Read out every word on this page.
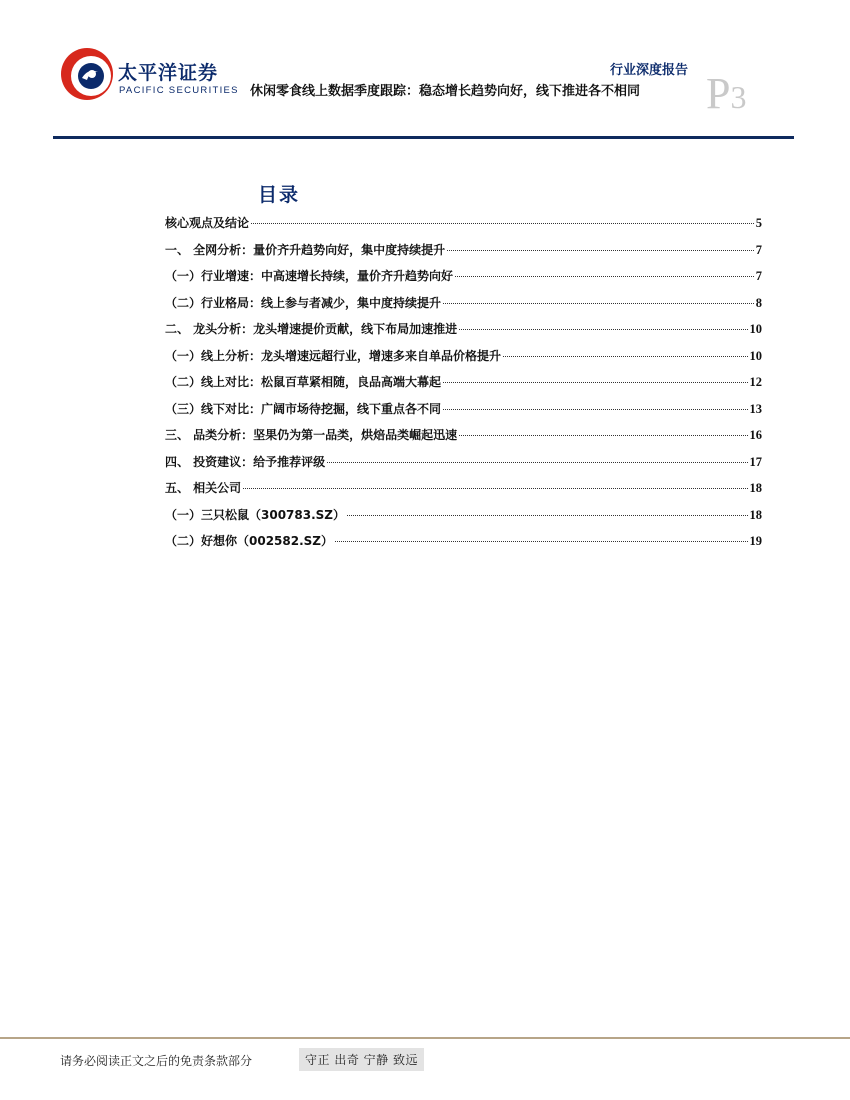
太平洋证券
PACIFIC SECURITIES
行业深度报告
休闲零食线上数据季度跟踪：稳态增长趋势向好，线下推进各不相同 P3
目录
核心观点及结论	5
一、 全网分析：量价齐升趋势向好，集中度持续提升	7
（一）行业增速：中高速增长持续，量价齐升趋势向好	7
（二）行业格局：线上参与者减少，集中度持续提升	8
二、 龙头分析：龙头增速提价贡献，线下布局加速推进	10
（一）线上分析：龙头增速远超行业，增速多来自单品价格提升	10
（二）线上对比：松鼠百草紧相随，良品高端大幕起	12
（三）线下对比：广阔市场待挖掘，线下重点各不同	13
三、 品类分析：坚果仍为第一品类，烘焙品类崛起迅速	16
四、 投资建议：给予推荐评级	17
五、 相关公司	18
（一）三只松鼠（300783.SZ）	18
（二）好想你（002582.SZ）	19
请务必阅读正文之后的免责条款部分	守正 出奇 宁静 致远
